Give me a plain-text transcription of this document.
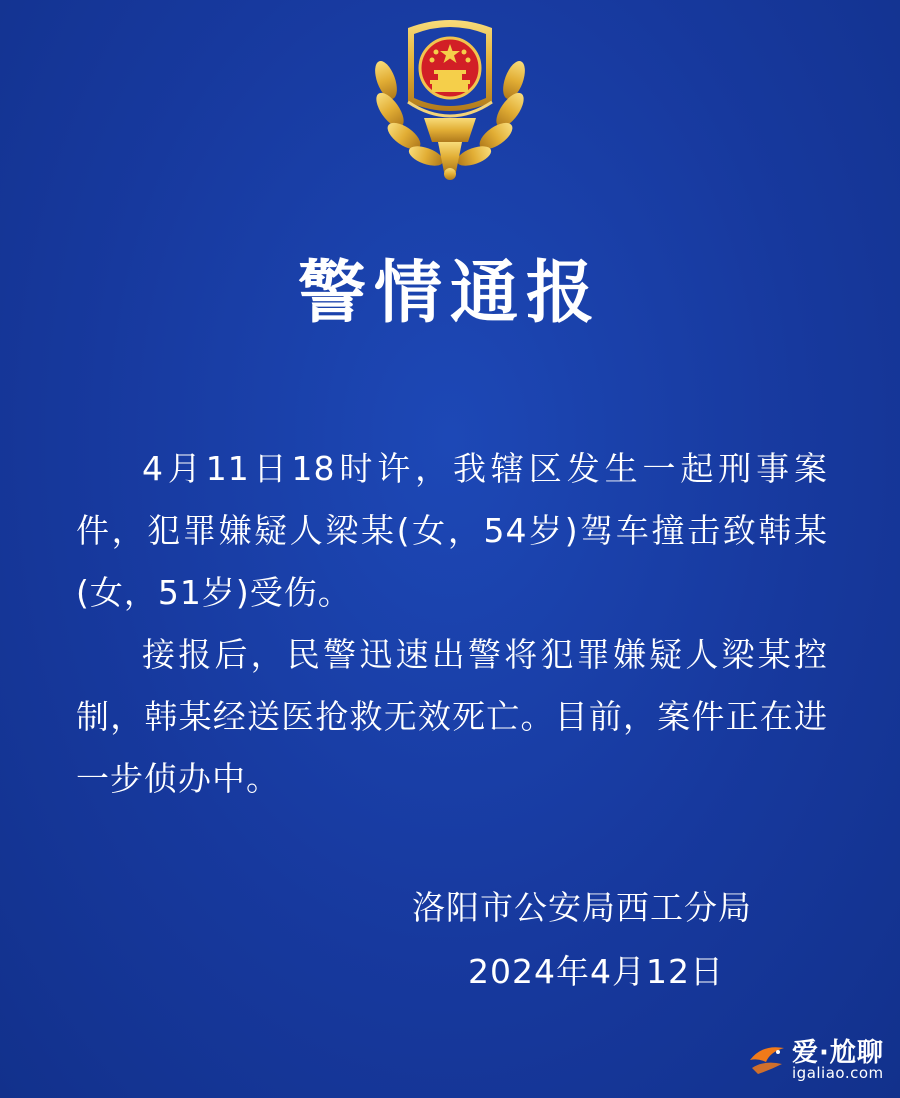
警情通报

4月11日18时许，我辖区发生一起刑事案件，犯罪嫌疑人梁某(女，54岁)驾车撞击致韩某(女，51岁)受伤。

接报后，民警迅速出警将犯罪嫌疑人梁某控制，韩某经送医抢救无效死亡。目前，案件正在进一步侦办中。

洛阳市公安局西工分局
2024年4月12日
爱·尬聊
igaliao.com
